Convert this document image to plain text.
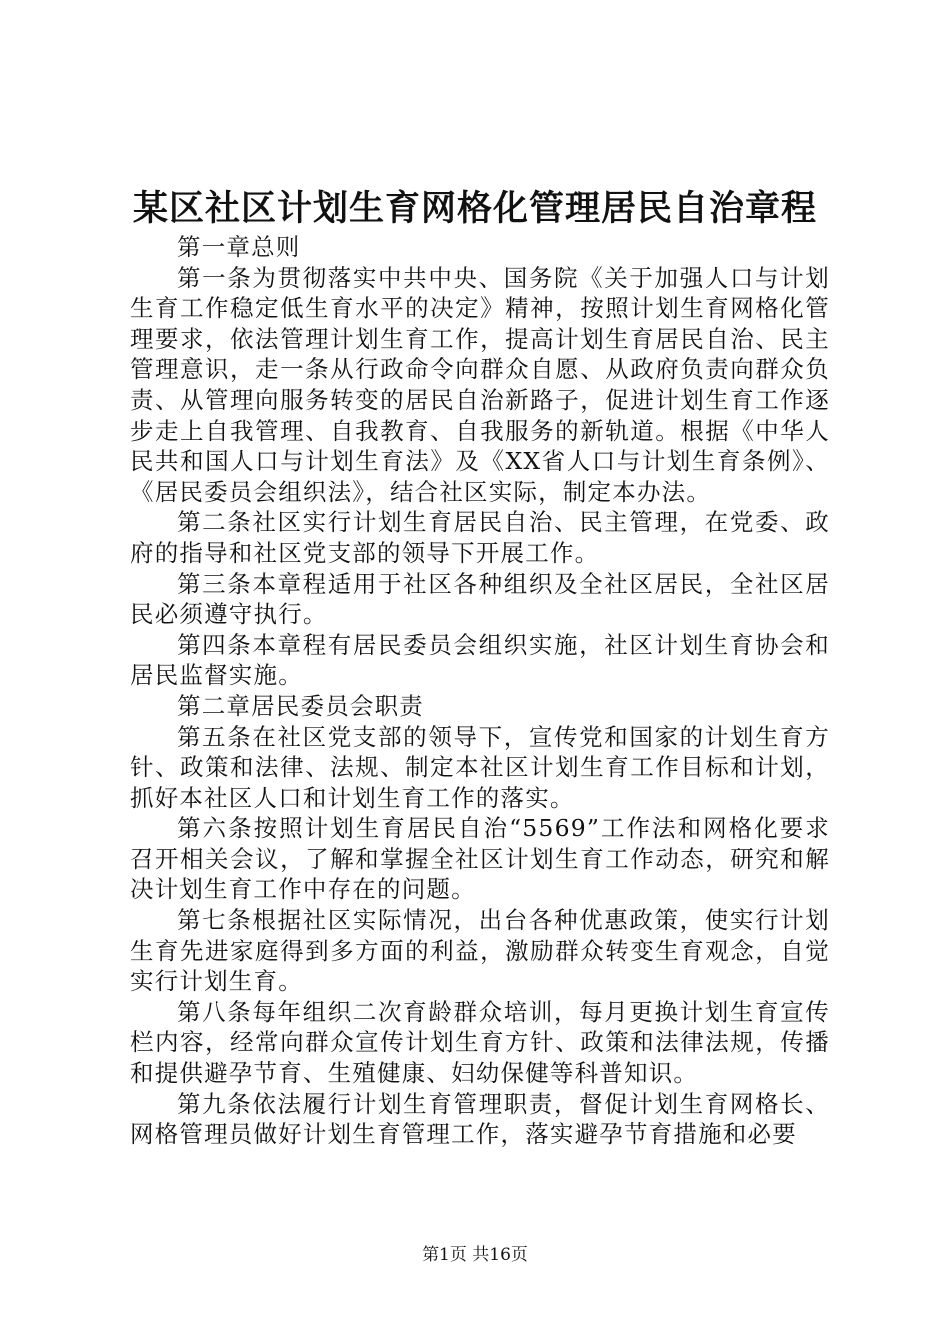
某区社区计划生育网格化管理居民自治章程

第一章总则

第一条为贯彻落实中共中央、国务院《关于加强人口与计划生育工作稳定低生育水平的决定》精神，按照计划生育网格化管理要求，依法管理计划生育工作，提高计划生育居民自治、民主管理意识，走一条从行政命令向群众自愿、从政府负责向群众负责、从管理向服务转变的居民自治新路子，促进计划生育工作逐步走上自我管理、自我教育、自我服务的新轨道。根据《中华人民共和国人口与计划生育法》及《XX省人口与计划生育条例》、《居民委员会组织法》，结合社区实际，制定本办法。

第二条社区实行计划生育居民自治、民主管理，在党委、政府的指导和社区党支部的领导下开展工作。

第三条本章程适用于社区各种组织及全社区居民，全社区居民必须遵守执行。

第四条本章程有居民委员会组织实施，社区计划生育协会和居民监督实施。

第二章居民委员会职责

第五条在社区党支部的领导下，宣传党和国家的计划生育方针、政策和法律、法规、制定本社区计划生育工作目标和计划，抓好本社区人口和计划生育工作的落实。

第六条按照计划生育居民自治“5569”工作法和网格化要求召开相关会议，了解和掌握全社区计划生育工作动态，研究和解决计划生育工作中存在的问题。

第七条根据社区实际情况，出台各种优惠政策，使实行计划生育先进家庭得到多方面的利益，激励群众转变生育观念，自觉实行计划生育。

第八条每年组织二次育龄群众培训，每月更换计划生育宣传栏内容，经常向群众宣传计划生育方针、政策和法律法规，传播和提供避孕节育、生殖健康、妇幼保健等科普知识。

第九条依法履行计划生育管理职责，督促计划生育网格长、网格管理员做好计划生育管理工作，落实避孕节育措施和必要

第1页 共16页
